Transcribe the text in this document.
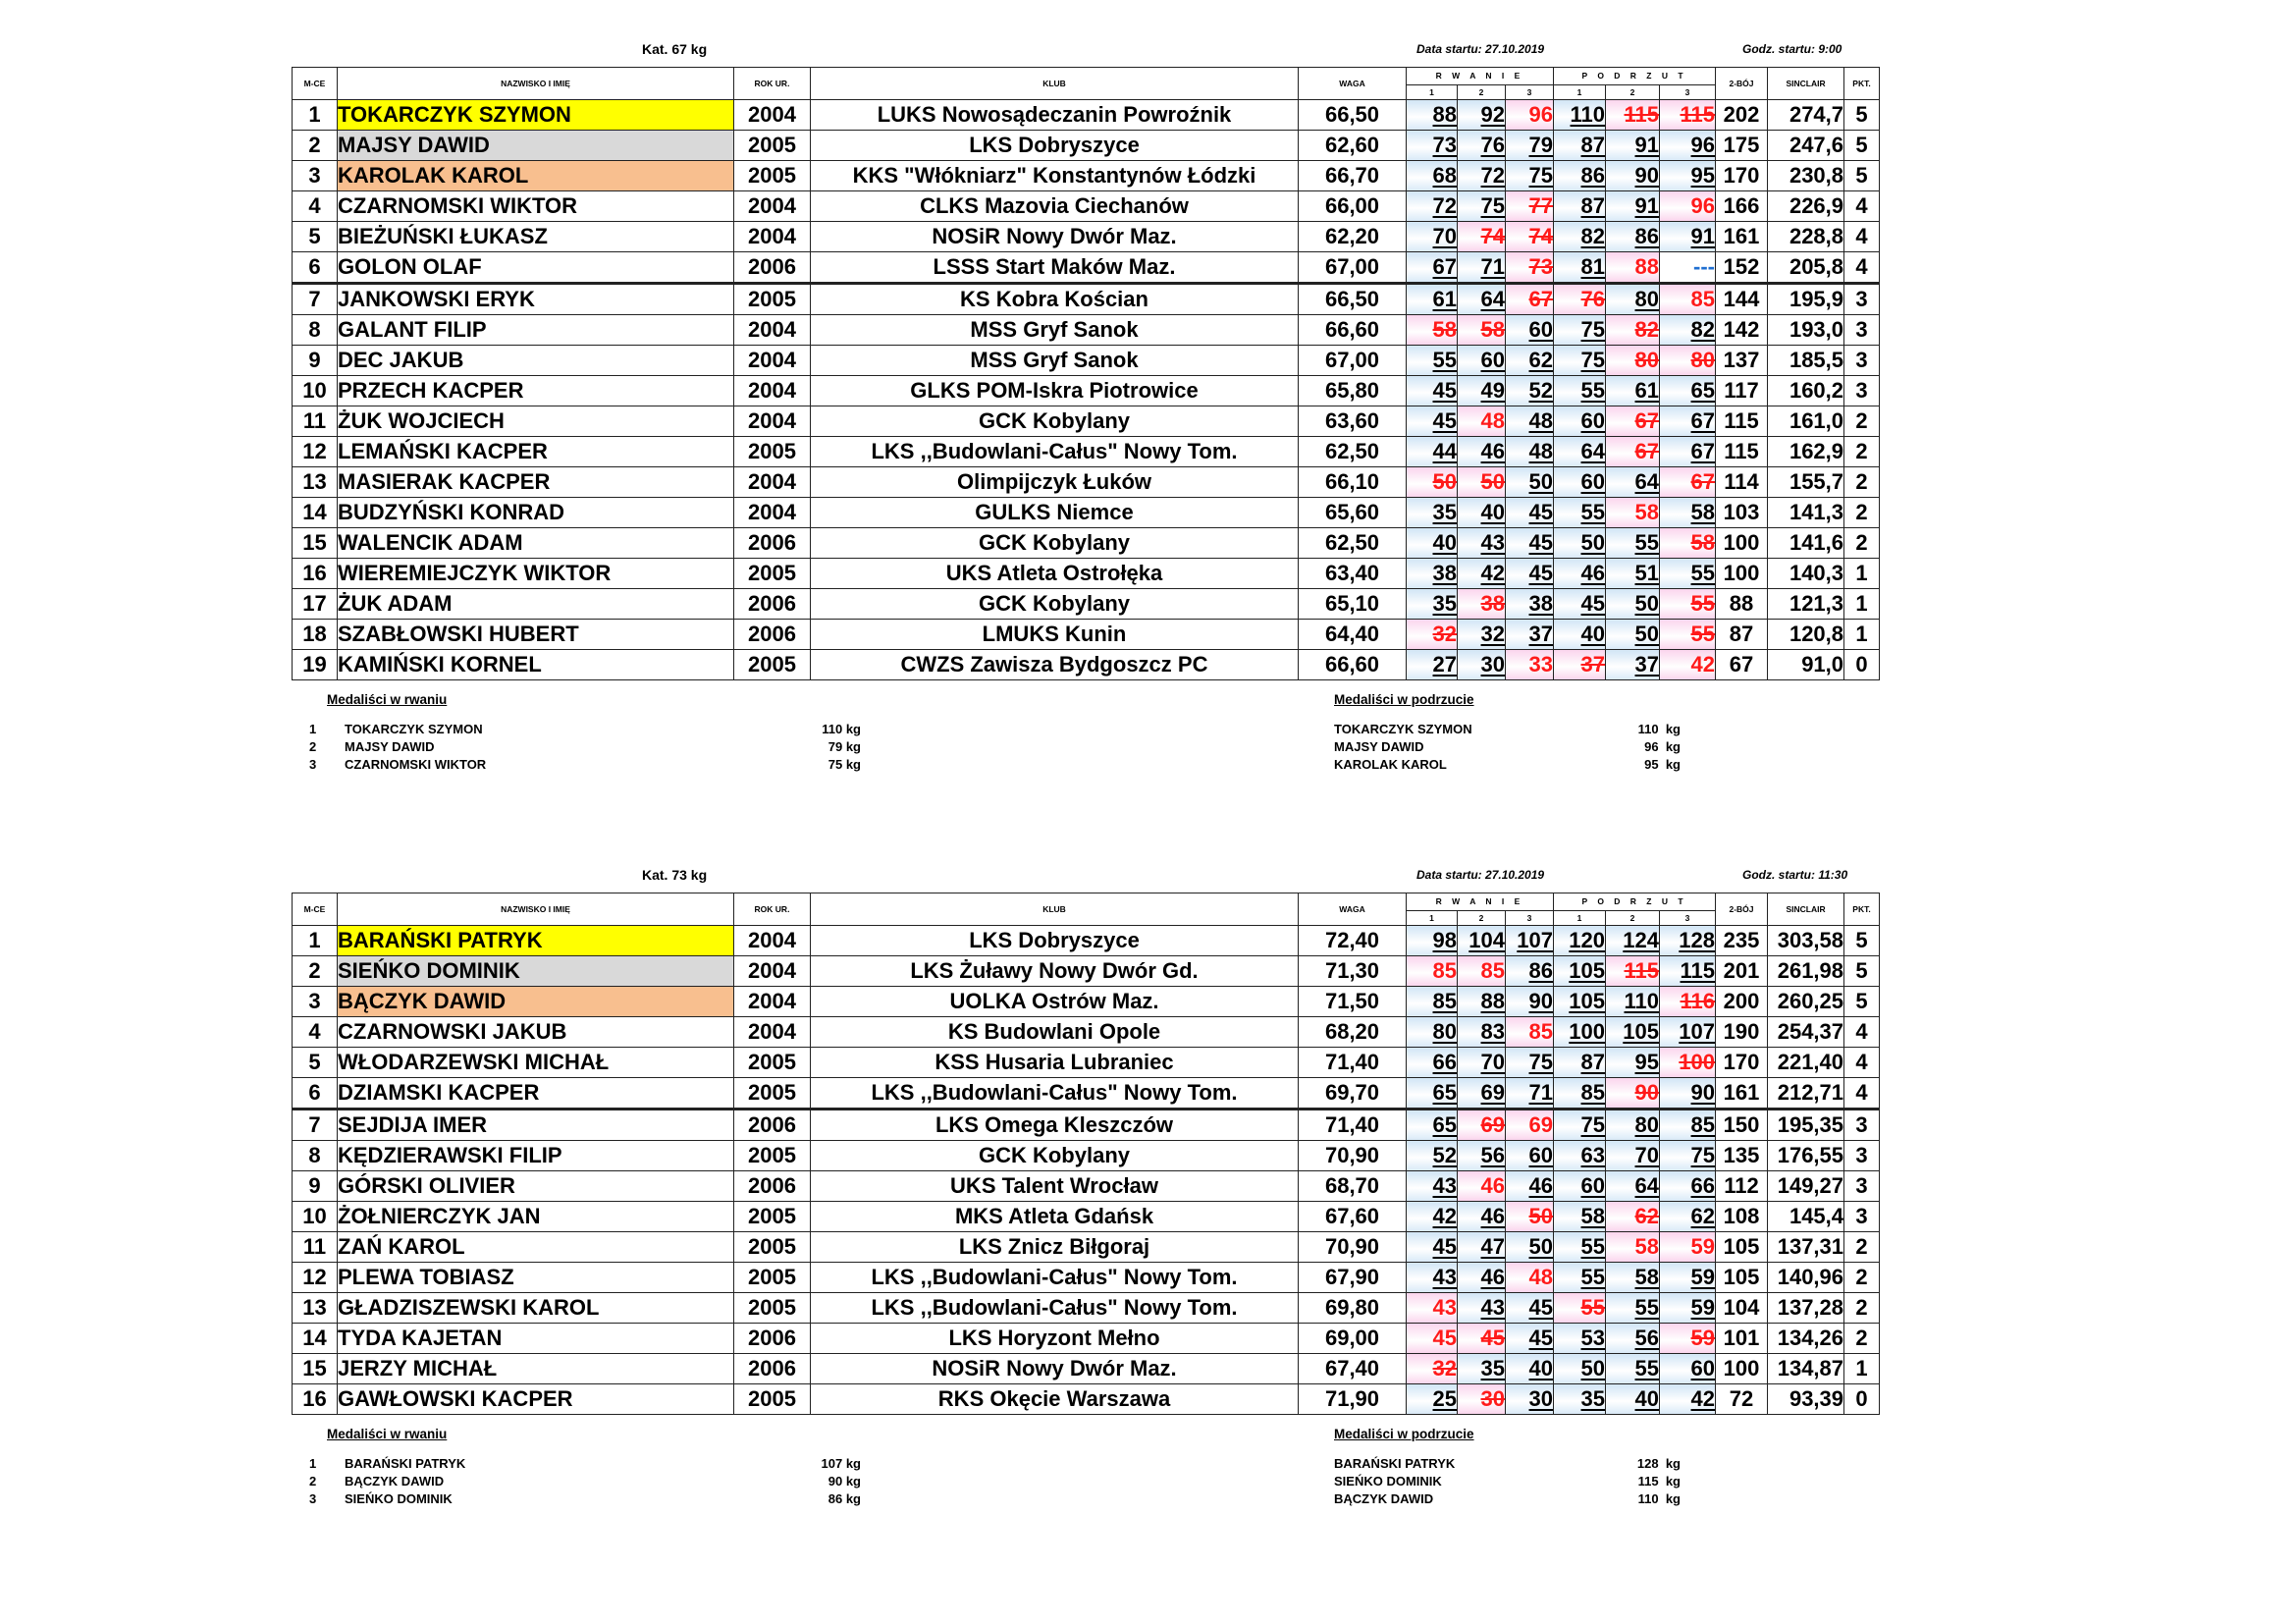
Kat. 67 kg	Data startu: 27.10.2019	Godz. startu: 9:00
M-CE	NAZWISKO I IMIĘ	ROK UR.	KLUB	WAGA	R W A N I E			P O D R Z U T			2-BÓJ	SINCLAIR	PKT.
					1	2	3	1	2	3			
1	TOKARCZYK SZYMON	2004	LUKS Nowosądeczanin Powroźnik	66,50	88	92	96	110	115	115	202	274,7	5
2	MAJSY DAWID	2005	LKS Dobryszyce	62,60	73	76	79	87	91	96	175	247,6	5
3	KAROLAK KAROL	2005	KKS "Włókniarz" Konstantynów Łódzki	66,70	68	72	75	86	90	95	170	230,8	5
4	CZARNOMSKI WIKTOR	2004	CLKS Mazovia Ciechanów	66,00	72	75	77	87	91	96	166	226,9	4
5	BIEŻUŃSKI ŁUKASZ	2004	NOSiR Nowy Dwór Maz.	62,20	70	74	74	82	86	91	161	228,8	4
6	GOLON OLAF	2006	LSSS Start Maków Maz.	67,00	67	71	73	81	88	---	152	205,8	4
7	JANKOWSKI ERYK	2005	KS Kobra Kościan	66,50	61	64	67	76	80	85	144	195,9	3
8	GALANT FILIP	2004	MSS Gryf Sanok	66,60	58	58	60	75	82	82	142	193,0	3
9	DEC JAKUB	2004	MSS Gryf Sanok	67,00	55	60	62	75	80	80	137	185,5	3
10	PRZECH KACPER	2004	GLKS POM-Iskra Piotrowice	65,80	45	49	52	55	61	65	117	160,2	3
11	ŻUK WOJCIECH	2004	GCK Kobylany	63,60	45	48	48	60	67	67	115	161,0	2
12	LEMAŃSKI KACPER	2005	LKS ,,Budowlani-Całus" Nowy Tom.	62,50	44	46	48	64	67	67	115	162,9	2
13	MASIERAK KACPER	2004	Olimpijczyk Łuków	66,10	50	50	50	60	64	67	114	155,7	2
14	BUDZYŃSKI KONRAD	2004	GULKS Niemce	65,60	35	40	45	55	58	58	103	141,3	2
15	WALENCIK ADAM	2006	GCK Kobylany	62,50	40	43	45	50	55	58	100	141,6	2
16	WIEREMIEJCZYK WIKTOR	2005	UKS Atleta Ostrołęka	63,40	38	42	45	46	51	55	100	140,3	1
17	ŻUK ADAM	2006	GCK Kobylany	65,10	35	38	38	45	50	55	88	121,3	1
18	SZABŁOWSKI HUBERT	2006	LMUKS Kunin	64,40	32	32	37	40	50	55	87	120,8	1
19	KAMIŃSKI KORNEL	2005	CWZS Zawisza Bydgoszcz PC	66,60	27	30	33	37	37	42	67	91,0	0
Medaliści w rwaniu	Medaliści w podrzucie
1 TOKARCZYK SZYMON	110 kg	TOKARCZYK SZYMON	110  kg
2 MAJSY DAWID	79 kg	MAJSY DAWID	96  kg
3 CZARNOMSKI WIKTOR	75 kg	KAROLAK KAROL	95  kg
Kat. 73 kg	Data startu: 27.10.2019	Godz. startu: 11:30
M-CE	NAZWISKO I IMIĘ	ROK UR.	KLUB	WAGA	R W A N I E			P O D R Z U T			2-BÓJ	SINCLAIR	PKT.
					1	2	3	1	2	3			
1	BARAŃSKI PATRYK	2004	LKS Dobryszyce	72,40	98	104	107	120	124	128	235	303,58	5
2	SIEŃKO DOMINIK	2004	LKS Żuławy Nowy Dwór Gd.	71,30	85	85	86	105	115	115	201	261,98	5
3	BĄCZYK DAWID	2004	UOLKA Ostrów Maz.	71,50	85	88	90	105	110	116	200	260,25	5
4	CZARNOWSKI JAKUB	2004	KS Budowlani Opole	68,20	80	83	85	100	105	107	190	254,37	4
5	WŁODARZEWSKI MICHAŁ	2005	KSS Husaria Lubraniec	71,40	66	70	75	87	95	100	170	221,40	4
6	DZIAMSKI KACPER	2005	LKS ,,Budowlani-Całus" Nowy Tom.	69,70	65	69	71	85	90	90	161	212,71	4
7	SEJDIJA IMER	2006	LKS Omega Kleszczów	71,40	65	69	69	75	80	85	150	195,35	3
8	KĘDZIERAWSKI FILIP	2005	GCK Kobylany	70,90	52	56	60	63	70	75	135	176,55	3
9	GÓRSKI OLIVIER	2006	UKS Talent Wrocław	68,70	43	46	46	60	64	66	112	149,27	3
10	ŻOŁNIERCZYK JAN	2005	MKS Atleta Gdańsk	67,60	42	46	50	58	62	62	108	145,4	3
11	ZAŃ KAROL	2005	LKS Znicz Biłgoraj	70,90	45	47	50	55	58	59	105	137,31	2
12	PLEWA TOBIASZ	2005	LKS ,,Budowlani-Całus" Nowy Tom.	67,90	43	46	48	55	58	59	105	140,96	2
13	GŁADZISZEWSKI KAROL	2005	LKS ,,Budowlani-Całus" Nowy Tom.	69,80	43	43	45	55	55	59	104	137,28	2
14	TYDA KAJETAN	2006	LKS Horyzont Mełno	69,00	45	45	45	53	56	59	101	134,26	2
15	JERZY MICHAŁ	2006	NOSiR Nowy Dwór Maz.	67,40	32	35	40	50	55	60	100	134,87	1
16	GAWŁOWSKI KACPER	2005	RKS Okęcie Warszawa	71,90	25	30	30	35	40	42	72	93,39	0
Medaliści w rwaniu	Medaliści w podrzucie
1 BARAŃSKI PATRYK	107 kg	BARAŃSKI PATRYK	128  kg
2 BĄCZYK DAWID	90 kg	SIEŃKO DOMINIK	115  kg
3 SIEŃKO DOMINIK	86 kg	BĄCZYK DAWID	110  kg
